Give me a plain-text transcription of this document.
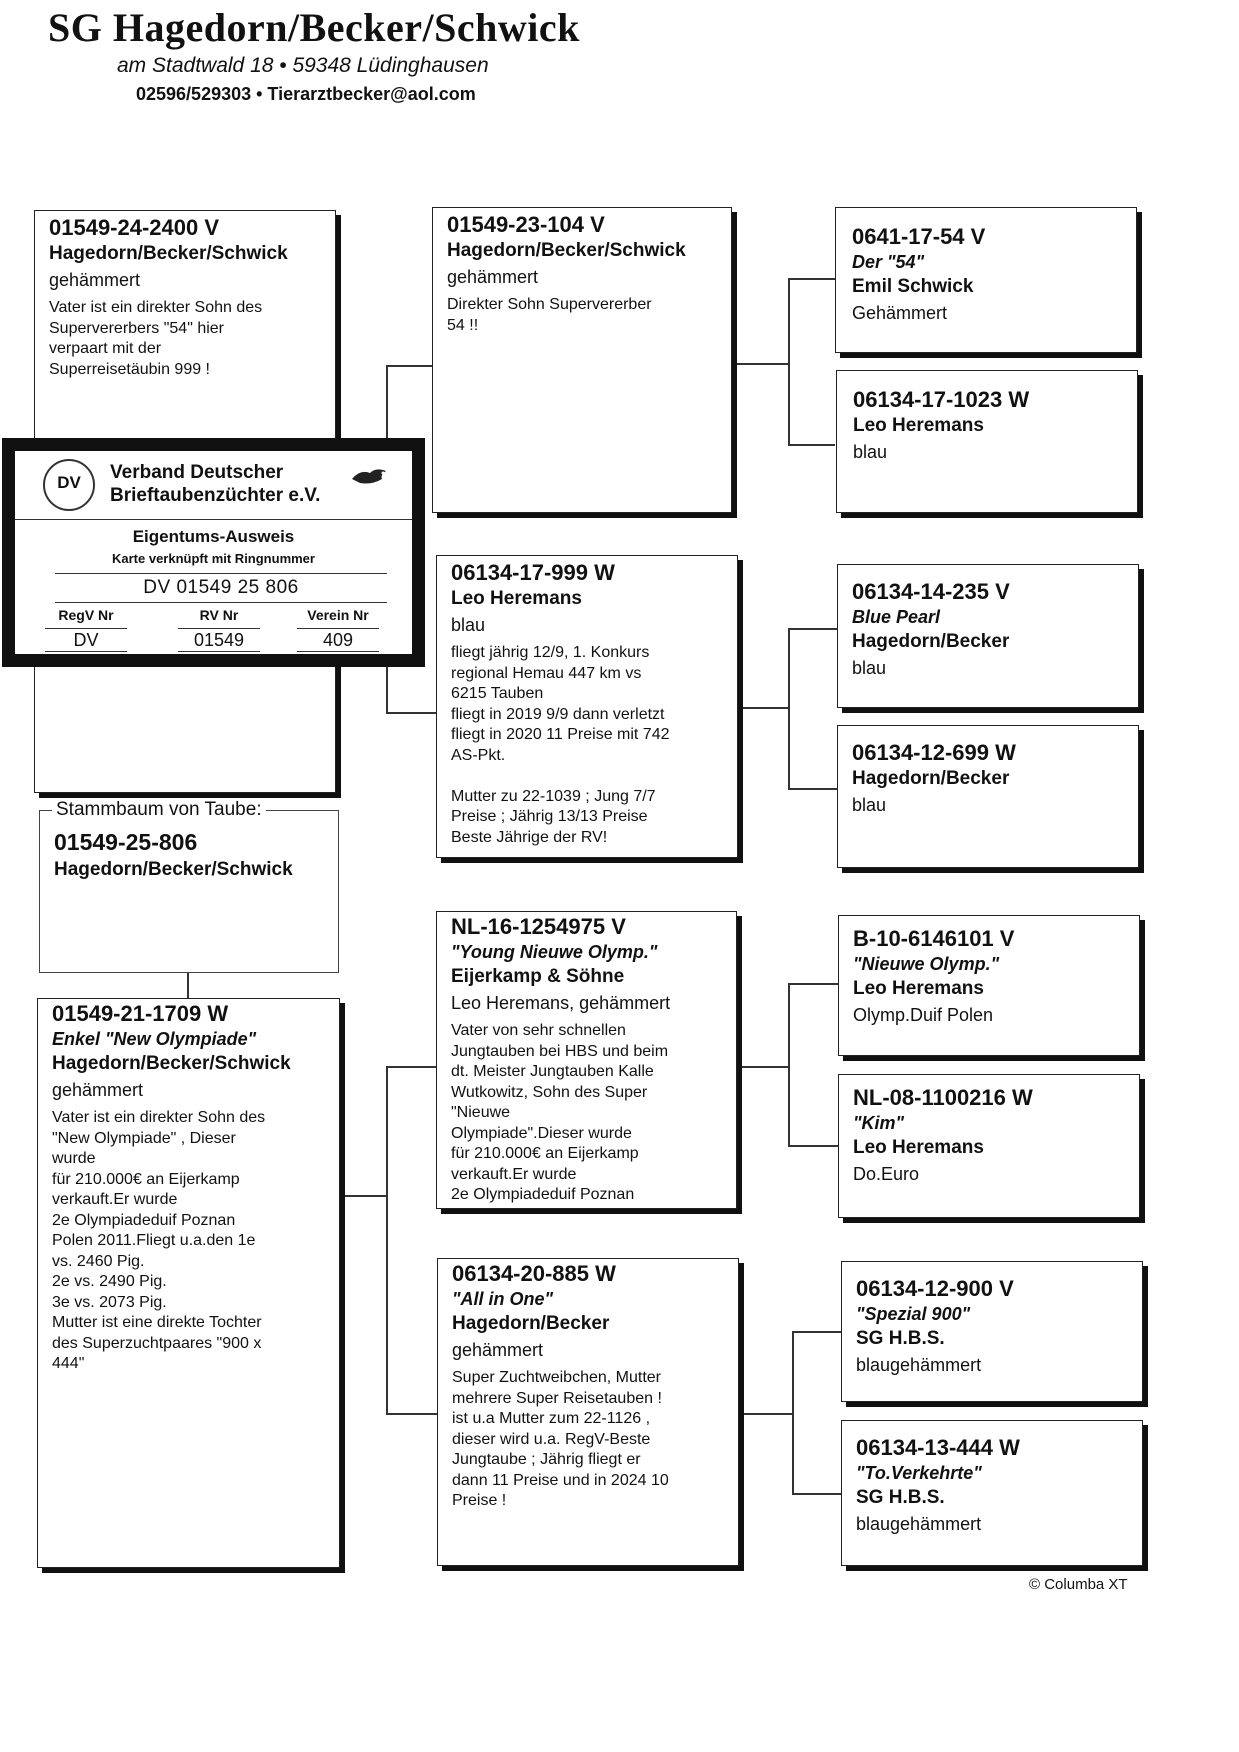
SG Hagedorn/Becker/Schwick
am Stadtwald 18 • 59348 Lüdinghausen
02596/529303 • Tierarztbecker@aol.com
01549-24-2400 V
Hagedorn/Becker/Schwick
gehämmert
Vater ist ein direkter Sohn des
Supervererbers "54" hier
verpaart mit der
Superreisetäubin 999 !
01549-23-104 V
Hagedorn/Becker/Schwick
gehämmert
Direkter Sohn Supervererber
54 !!
06134-17-999 W
Leo Heremans
blau
fliegt jährig 12/9, 1. Konkurs
regional Hemau 447 km vs
6215 Tauben
fliegt in 2019 9/9 dann verletzt
fliegt in 2020 11 Preise mit 742
AS-Pkt.

Mutter zu 22-1039 ; Jung 7/7
Preise ; Jährig 13/13 Preise
Beste Jährige der RV!
0641-17-54 V
Der "54"
Emil Schwick
Gehämmert
06134-17-1023 W
Leo Heremans
blau
06134-14-235 V
Blue Pearl
Hagedorn/Becker
blau
06134-12-699 W
Hagedorn/Becker
blau
Stammbaum von Taube:
01549-25-806
Hagedorn/Becker/Schwick
01549-21-1709 W
Enkel "New Olympiade"
Hagedorn/Becker/Schwick
gehämmert
Vater ist ein direkter Sohn des
"New Olympiade" , Dieser
wurde
für 210.000€ an Eijerkamp
verkauft.Er wurde
2e Olympiadeduif Poznan
Polen 2011.Fliegt u.a.den 1e
vs. 2460 Pig.
2e vs. 2490 Pig.
3e vs. 2073 Pig.
Mutter ist eine direkte Tochter
des Superzuchtpaares "900 x
444"
NL-16-1254975 V
"Young Nieuwe Olymp."
Eijerkamp & Söhne
Leo Heremans, gehämmert
Vater von sehr schnellen
Jungtauben bei HBS und beim
dt. Meister Jungtauben Kalle
Wutkowitz, Sohn des Super
"Nieuwe
Olympiade".Dieser wurde
für 210.000€ an Eijerkamp
verkauft.Er wurde
2e Olympiadeduif Poznan
06134-20-885 W
"All in One"
Hagedorn/Becker
gehämmert
Super Zuchtweibchen, Mutter
mehrere Super Reisetauben !
ist u.a Mutter zum 22-1126 ,
dieser wird u.a. RegV-Beste
Jungtaube ; Jährig fliegt er
dann 11 Preise und in 2024 10
Preise !
B-10-6146101 V
"Nieuwe Olymp."
Leo Heremans
Olymp.Duif Polen
NL-08-1100216 W
"Kim"
Leo Heremans
Do.Euro
06134-12-900 V
"Spezial 900"
SG H.B.S.
blaugehämmert
06134-13-444 W
"To.Verkehrte"
SG H.B.S.
blaugehämmert
DV	Verband Deutscher
Brieftaubenzüchter e.V.
Eigentums-Ausweis
Karte verknüpft mit Ringnummer
DV 01549 25 806
RegV Nr
DV
RV Nr
01549
Verein Nr
409
© Columba XT
